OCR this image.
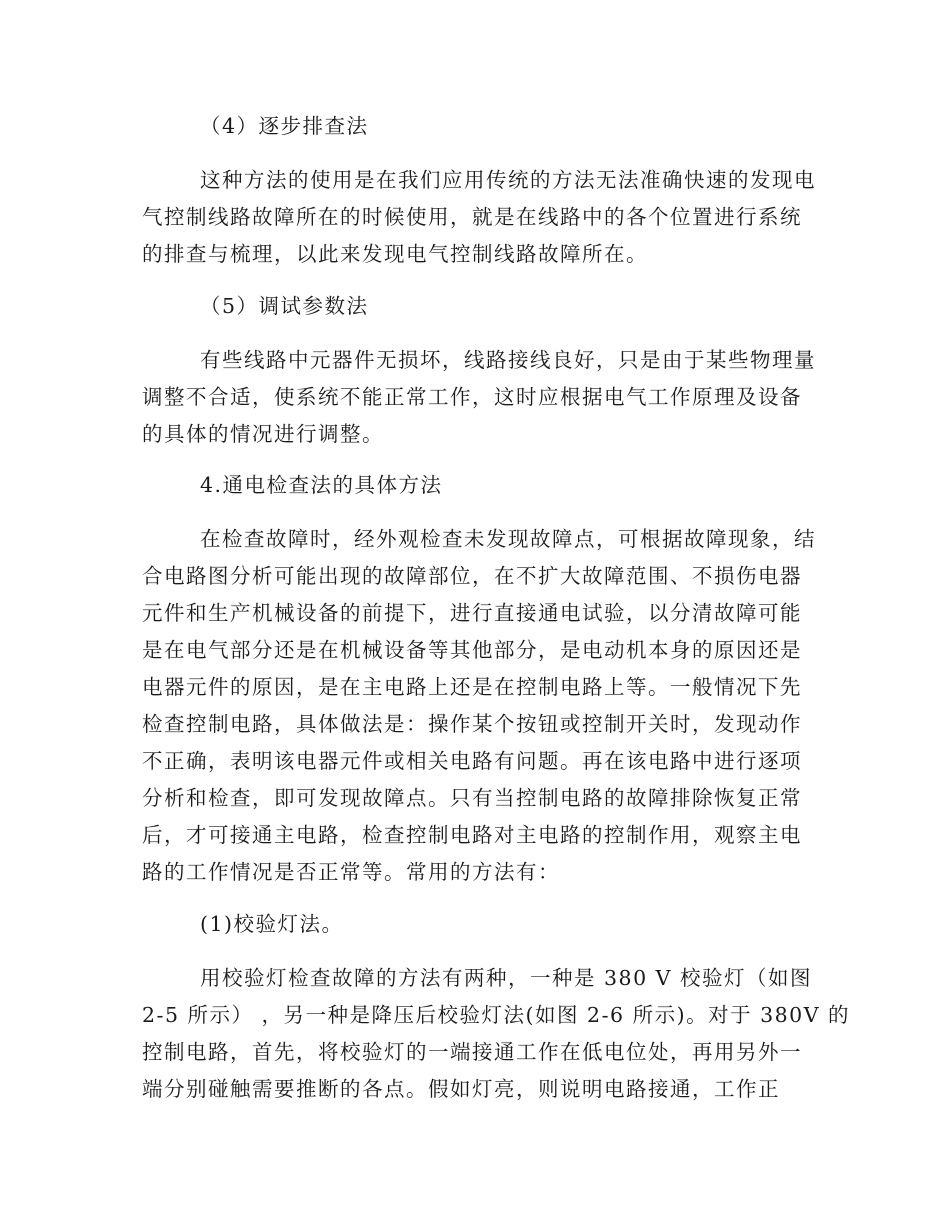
（4）逐步排查法

这种方法的使用是在我们应用传统的方法无法准确快速的发现电
气控制线路故障所在的时候使用，就是在线路中的各个位置进行系统
的排查与梳理，以此来发现电气控制线路故障所在。

（5）调试参数法

有些线路中元器件无损坏，线路接线良好，只是由于某些物理量
调整不合适，使系统不能正常工作，这时应根据电气工作原理及设备
的具体的情况进行调整。

4.通电检查法的具体方法

在检查故障时，经外观检查未发现故障点，可根据故障现象，结
合电路图分析可能出现的故障部位，在不扩大故障范围、不损伤电器
元件和生产机械设备的前提下，进行直接通电试验，以分清故障可能
是在电气部分还是在机械设备等其他部分，是电动机本身的原因还是
电器元件的原因，是在主电路上还是在控制电路上等。一般情况下先
检查控制电路，具体做法是：操作某个按钮或控制开关时，发现动作
不正确，表明该电器元件或相关电路有问题。再在该电路中进行逐项
分析和检查，即可发现故障点。只有当控制电路的故障排除恢复正常
后，才可接通主电路，检查控制电路对主电路的控制作用，观察主电
路的工作情况是否正常等。常用的方法有：

(1)校验灯法。

用校验灯检查故障的方法有两种，一种是 380 V 校验灯（如图
2-5 所示） ，另一种是降压后校验灯法(如图 2-6 所示)。对于 380V 的
控制电路，首先，将校验灯的一端接通工作在低电位处，再用另外一
端分别碰触需要推断的各点。假如灯亮，则说明电路接通，工作正
